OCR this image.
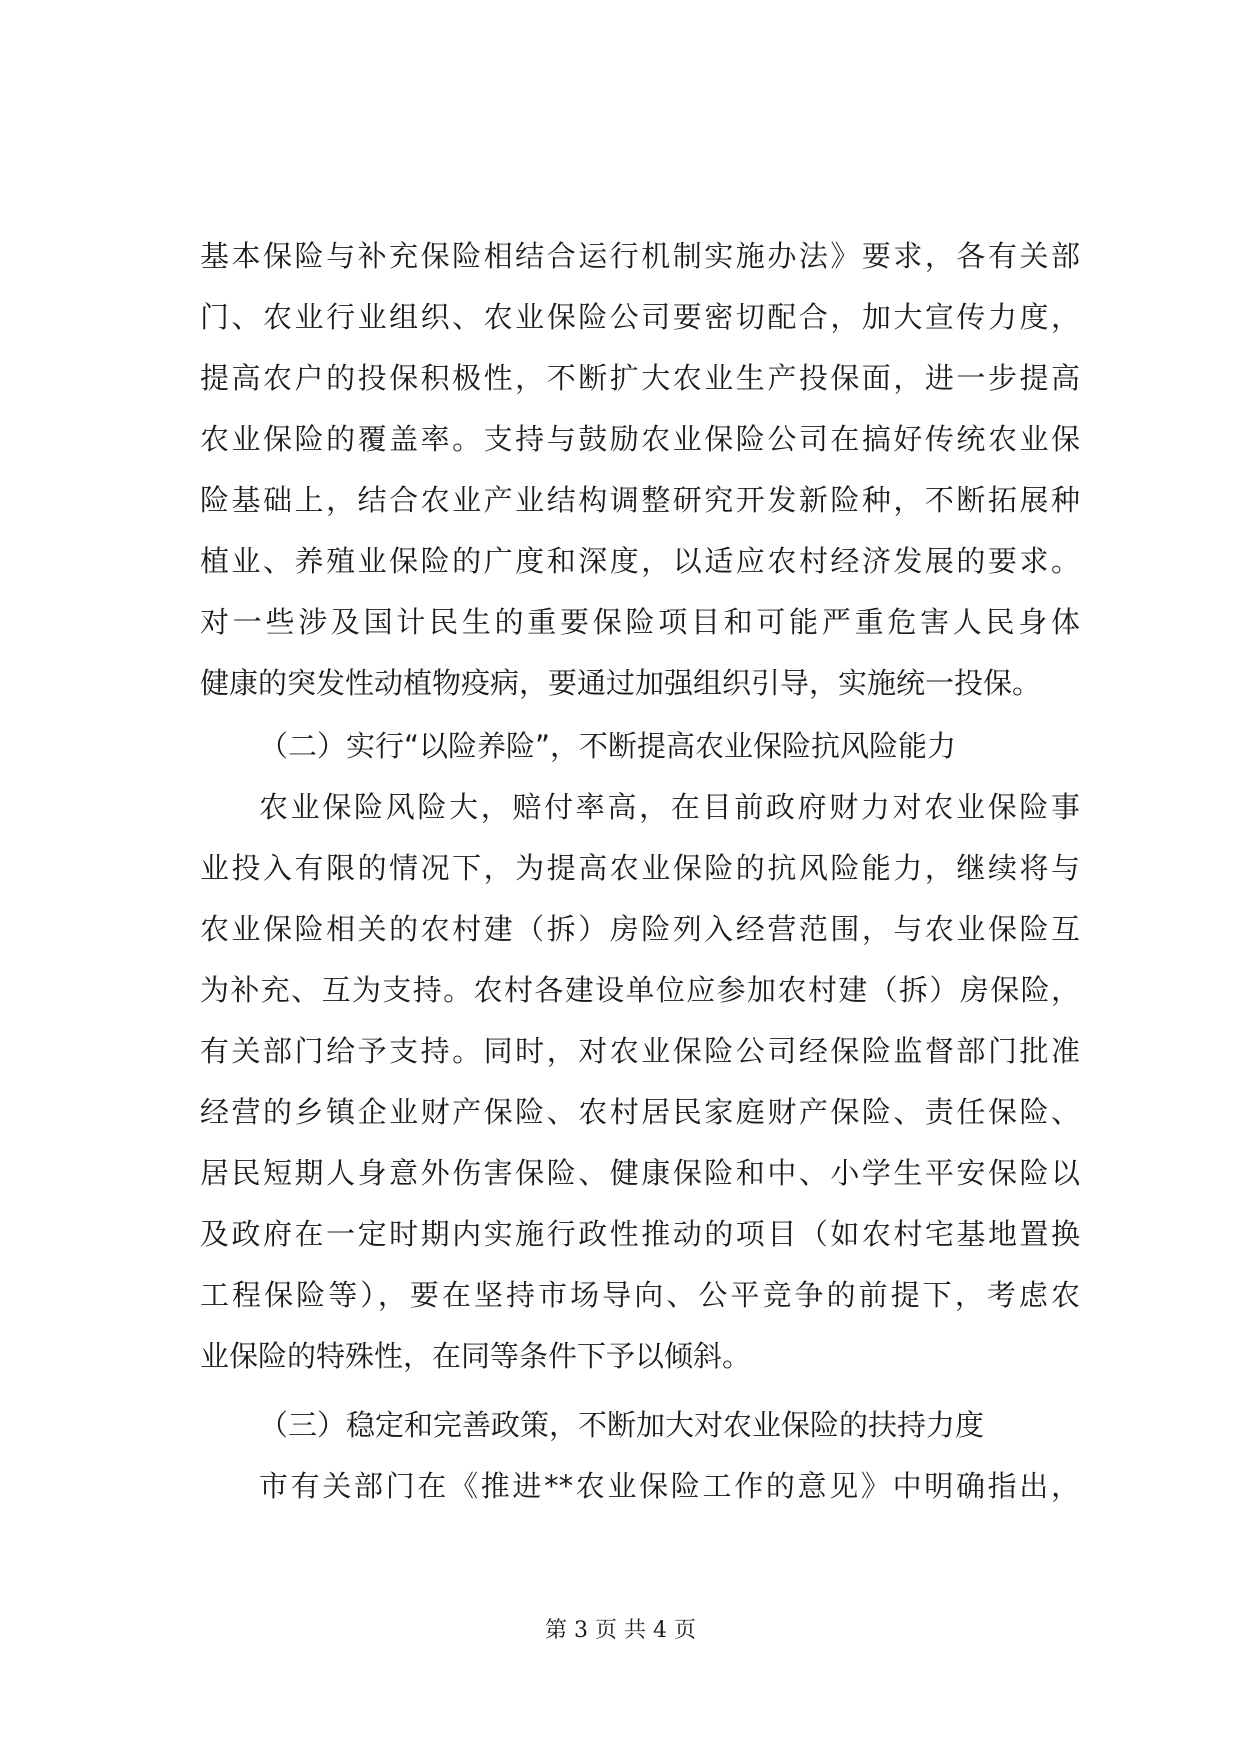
基本保险与补充保险相结合运行机制实施办法》要求，各有关部
门、农业行业组织、农业保险公司要密切配合，加大宣传力度，
提高农户的投保积极性，不断扩大农业生产投保面，进一步提高
农业保险的覆盖率。支持与鼓励农业保险公司在搞好传统农业保
险基础上，结合农业产业结构调整研究开发新险种，不断拓展种
植业、养殖业保险的广度和深度，以适应农村经济发展的要求。
对一些涉及国计民生的重要保险项目和可能严重危害人民身体
健康的突发性动植物疫病，要通过加强组织引导，实施统一投保。
（二）实行“以险养险”，不断提高农业保险抗风险能力
农业保险风险大，赔付率高，在目前政府财力对农业保险事
业投入有限的情况下，为提高农业保险的抗风险能力，继续将与
农业保险相关的农村建（拆）房险列入经营范围，与农业保险互
为补充、互为支持。农村各建设单位应参加农村建（拆）房保险，
有关部门给予支持。同时，对农业保险公司经保险监督部门批准
经营的乡镇企业财产保险、农村居民家庭财产保险、责任保险、
居民短期人身意外伤害保险、健康保险和中、小学生平安保险以
及政府在一定时期内实施行政性推动的项目（如农村宅基地置换
工程保险等），要在坚持市场导向、公平竞争的前提下，考虑农
业保险的特殊性，在同等条件下予以倾斜。
（三）稳定和完善政策，不断加大对农业保险的扶持力度
市有关部门在《推进**农业保险工作的意见》中明确指出，
第 3 页 共 4 页
